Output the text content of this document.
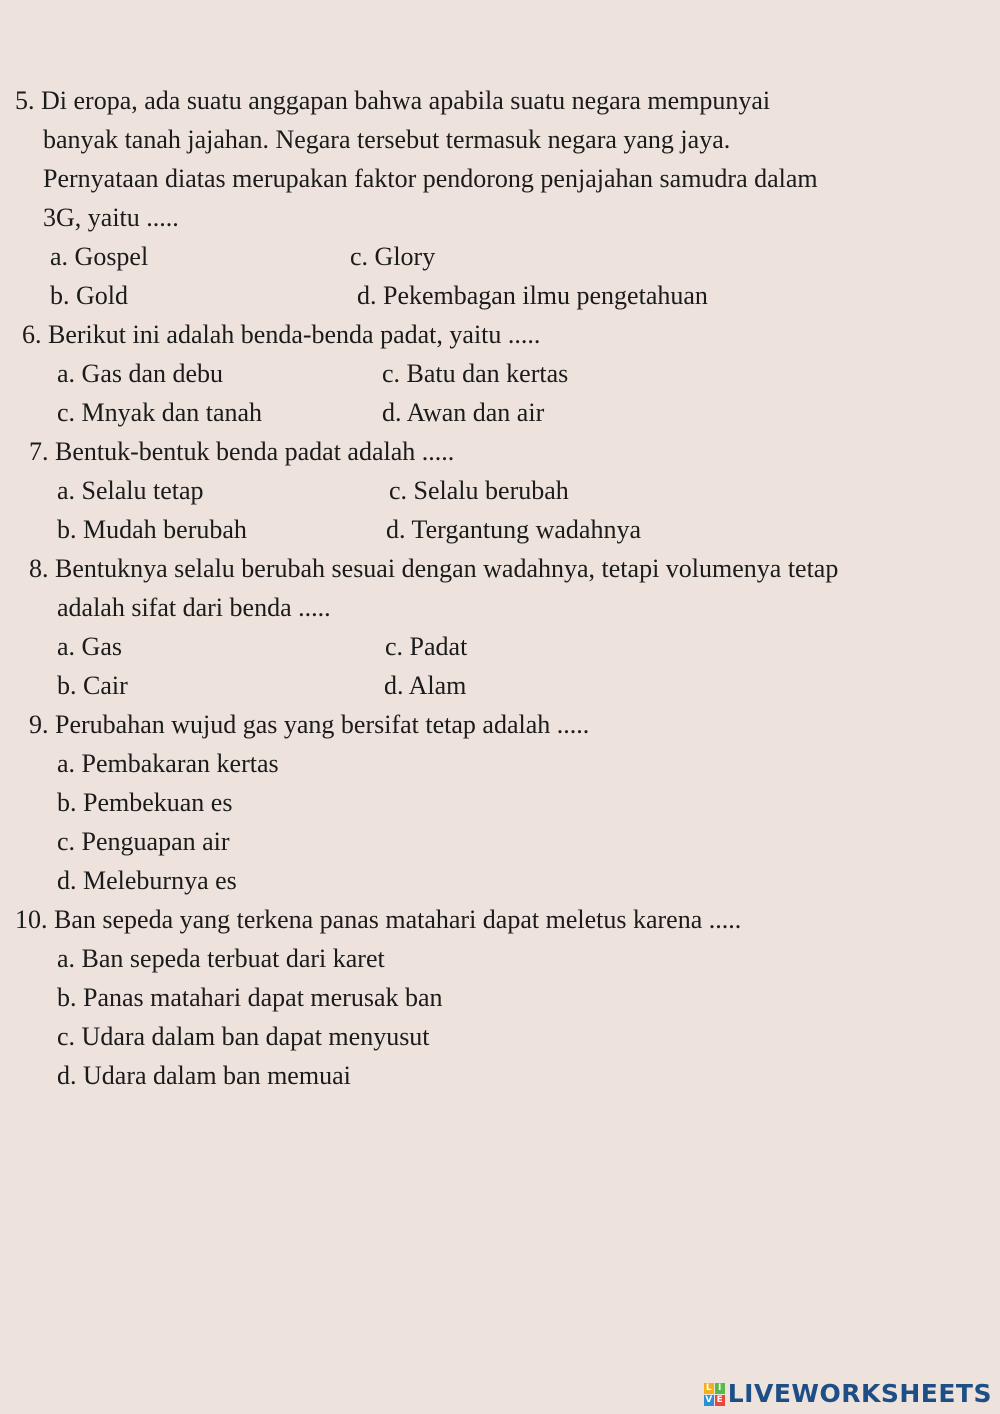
5. Di eropa, ada suatu anggapan bahwa apabila suatu negara mempunyai
banyak tanah jajahan. Negara tersebut termasuk negara yang jaya.
Pernyataan diatas merupakan faktor pendorong penjajahan samudra dalam
3G, yaitu .....
a. Gospel	c. Glory
b. Gold	d. Pekembagan ilmu pengetahuan
6. Berikut ini adalah benda-benda padat, yaitu .....
a. Gas dan debu	c. Batu dan kertas
c. Mnyak dan tanah	d. Awan dan air
7. Bentuk-bentuk benda padat adalah .....
a. Selalu tetap	c. Selalu berubah
b. Mudah berubah	d. Tergantung wadahnya
8. Bentuknya selalu berubah sesuai dengan wadahnya, tetapi volumenya tetap
adalah sifat dari benda .....
a. Gas	c. Padat
b. Cair	d. Alam
9. Perubahan wujud gas yang bersifat tetap adalah .....
a. Pembakaran kertas
b. Pembekuan es
c. Penguapan air
d. Meleburnya es
10. Ban sepeda yang terkena panas matahari dapat meletus karena .....
a. Ban sepeda terbuat dari karet
b. Panas matahari dapat merusak ban
c. Udara dalam ban dapat menyusut
d. Udara dalam ban memuai
L I
V E LIVEWORKSHEETS
